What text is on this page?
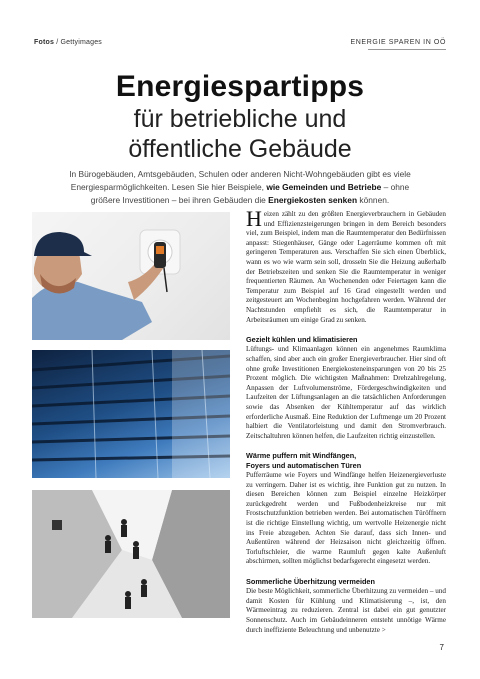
Fotos / Gettyimages	ENERGIE SPAREN IN OÖ
Energiespartipps
für betriebliche und
öffentliche Gebäude
In Bürogebäuden, Amtsgebäuden, Schulen oder anderen Nicht-Wohngebäuden gibt es viele Energiesparmöglichkeiten. Lesen Sie hier Beispiele, wie Gemeinden und Betriebe – ohne größere Investitionen – bei ihren Gebäuden die Energiekosten senken können.

Heizen zählt zu den größten Energieverbrauchern in Gebäuden und Effizienzsteigerungen bringen in dem Bereich besonders viel, zum Beispiel, indem man die Raumtemperatur den Bedürfnissen anpasst: Stiegenhäuser, Gänge oder Lagerräume kommen oft mit geringeren Temperaturen aus. Verschaffen Sie sich einen Überblick, wann es wo wie warm sein soll, drosseln Sie die Heizung außerhalb der Betriebszeiten und senken Sie die Raumtemperatur in weniger frequentierten Räumen. An Wochenenden oder Feiertagen kann die Temperatur zum Beispiel auf 16 Grad eingestellt werden und zeitgesteuert am Wochenbeginn hochgefahren werden. Während der Nachtstunden empfiehlt es sich, die Raumtemperatur in Arbeitsräumen um einige Grad zu senken.

Gezielt kühlen und klimatisieren

Lüftungs- und Klimaanlagen können ein angenehmes Raumklima schaffen, sind aber auch ein großer Energieverbraucher. Hier sind oft ohne große Investitionen Energiekosteneinsparungen von 20 bis 25 Prozent möglich. Die wichtigsten Maßnahmen: Drehzahlregelung, Anpassen der Luftvolumenströme, Fördergeschwindigkeiten und Laufzeiten der Lüftungsanlagen an die tatsächlichen Anforderungen sowie das Absenken der Kühltemperatur auf das wirklich erforderliche Ausmaß. Eine Reduktion der Luftmenge um 20 Prozent halbiert die Ventilatorleistung und damit den Stromverbrauch. Zeitschaltuhren können helfen, die Laufzeiten richtig einzustellen.

Wärme puffern mit Windfängen,
Foyers und automatischen Türen

Pufferräume wie Foyers und Windfänge helfen Heizenergieverluste zu verringern. Daher ist es wichtig, ihre Funktion gut zu nutzen. In diesen Bereichen können zum Beispiel einzelne Heizkörper zurückgedreht werden und Fußbodenheizkreise nur mit Frostschutzfunktion betrieben werden. Bei automatischen Türöffnern ist die richtige Einstellung wichtig, um wertvolle Heizenergie nicht ins Freie abzugeben. Achten Sie darauf, dass sich Innen- und Außentüren während der Heizsaison nicht gleichzeitig öffnen. Torluftschleier, die warme Raumluft gegen kalte Außenluft abschirmen, sollten möglichst bedarfsgerecht eingesetzt werden.

Sommerliche Überhitzung vermeiden

Die beste Möglichkeit, sommerliche Überhitzung zu vermeiden – und damit Kosten für Kühlung und Klimatisierung –, ist, den Wärmeeintrag zu reduzieren. Zentral ist dabei ein gut genutzter Sonnenschutz. Auch im Gebäudeinneren entsteht unnötige Wärme durch ineffiziente Beleuchtung und unbenutzte >

7
